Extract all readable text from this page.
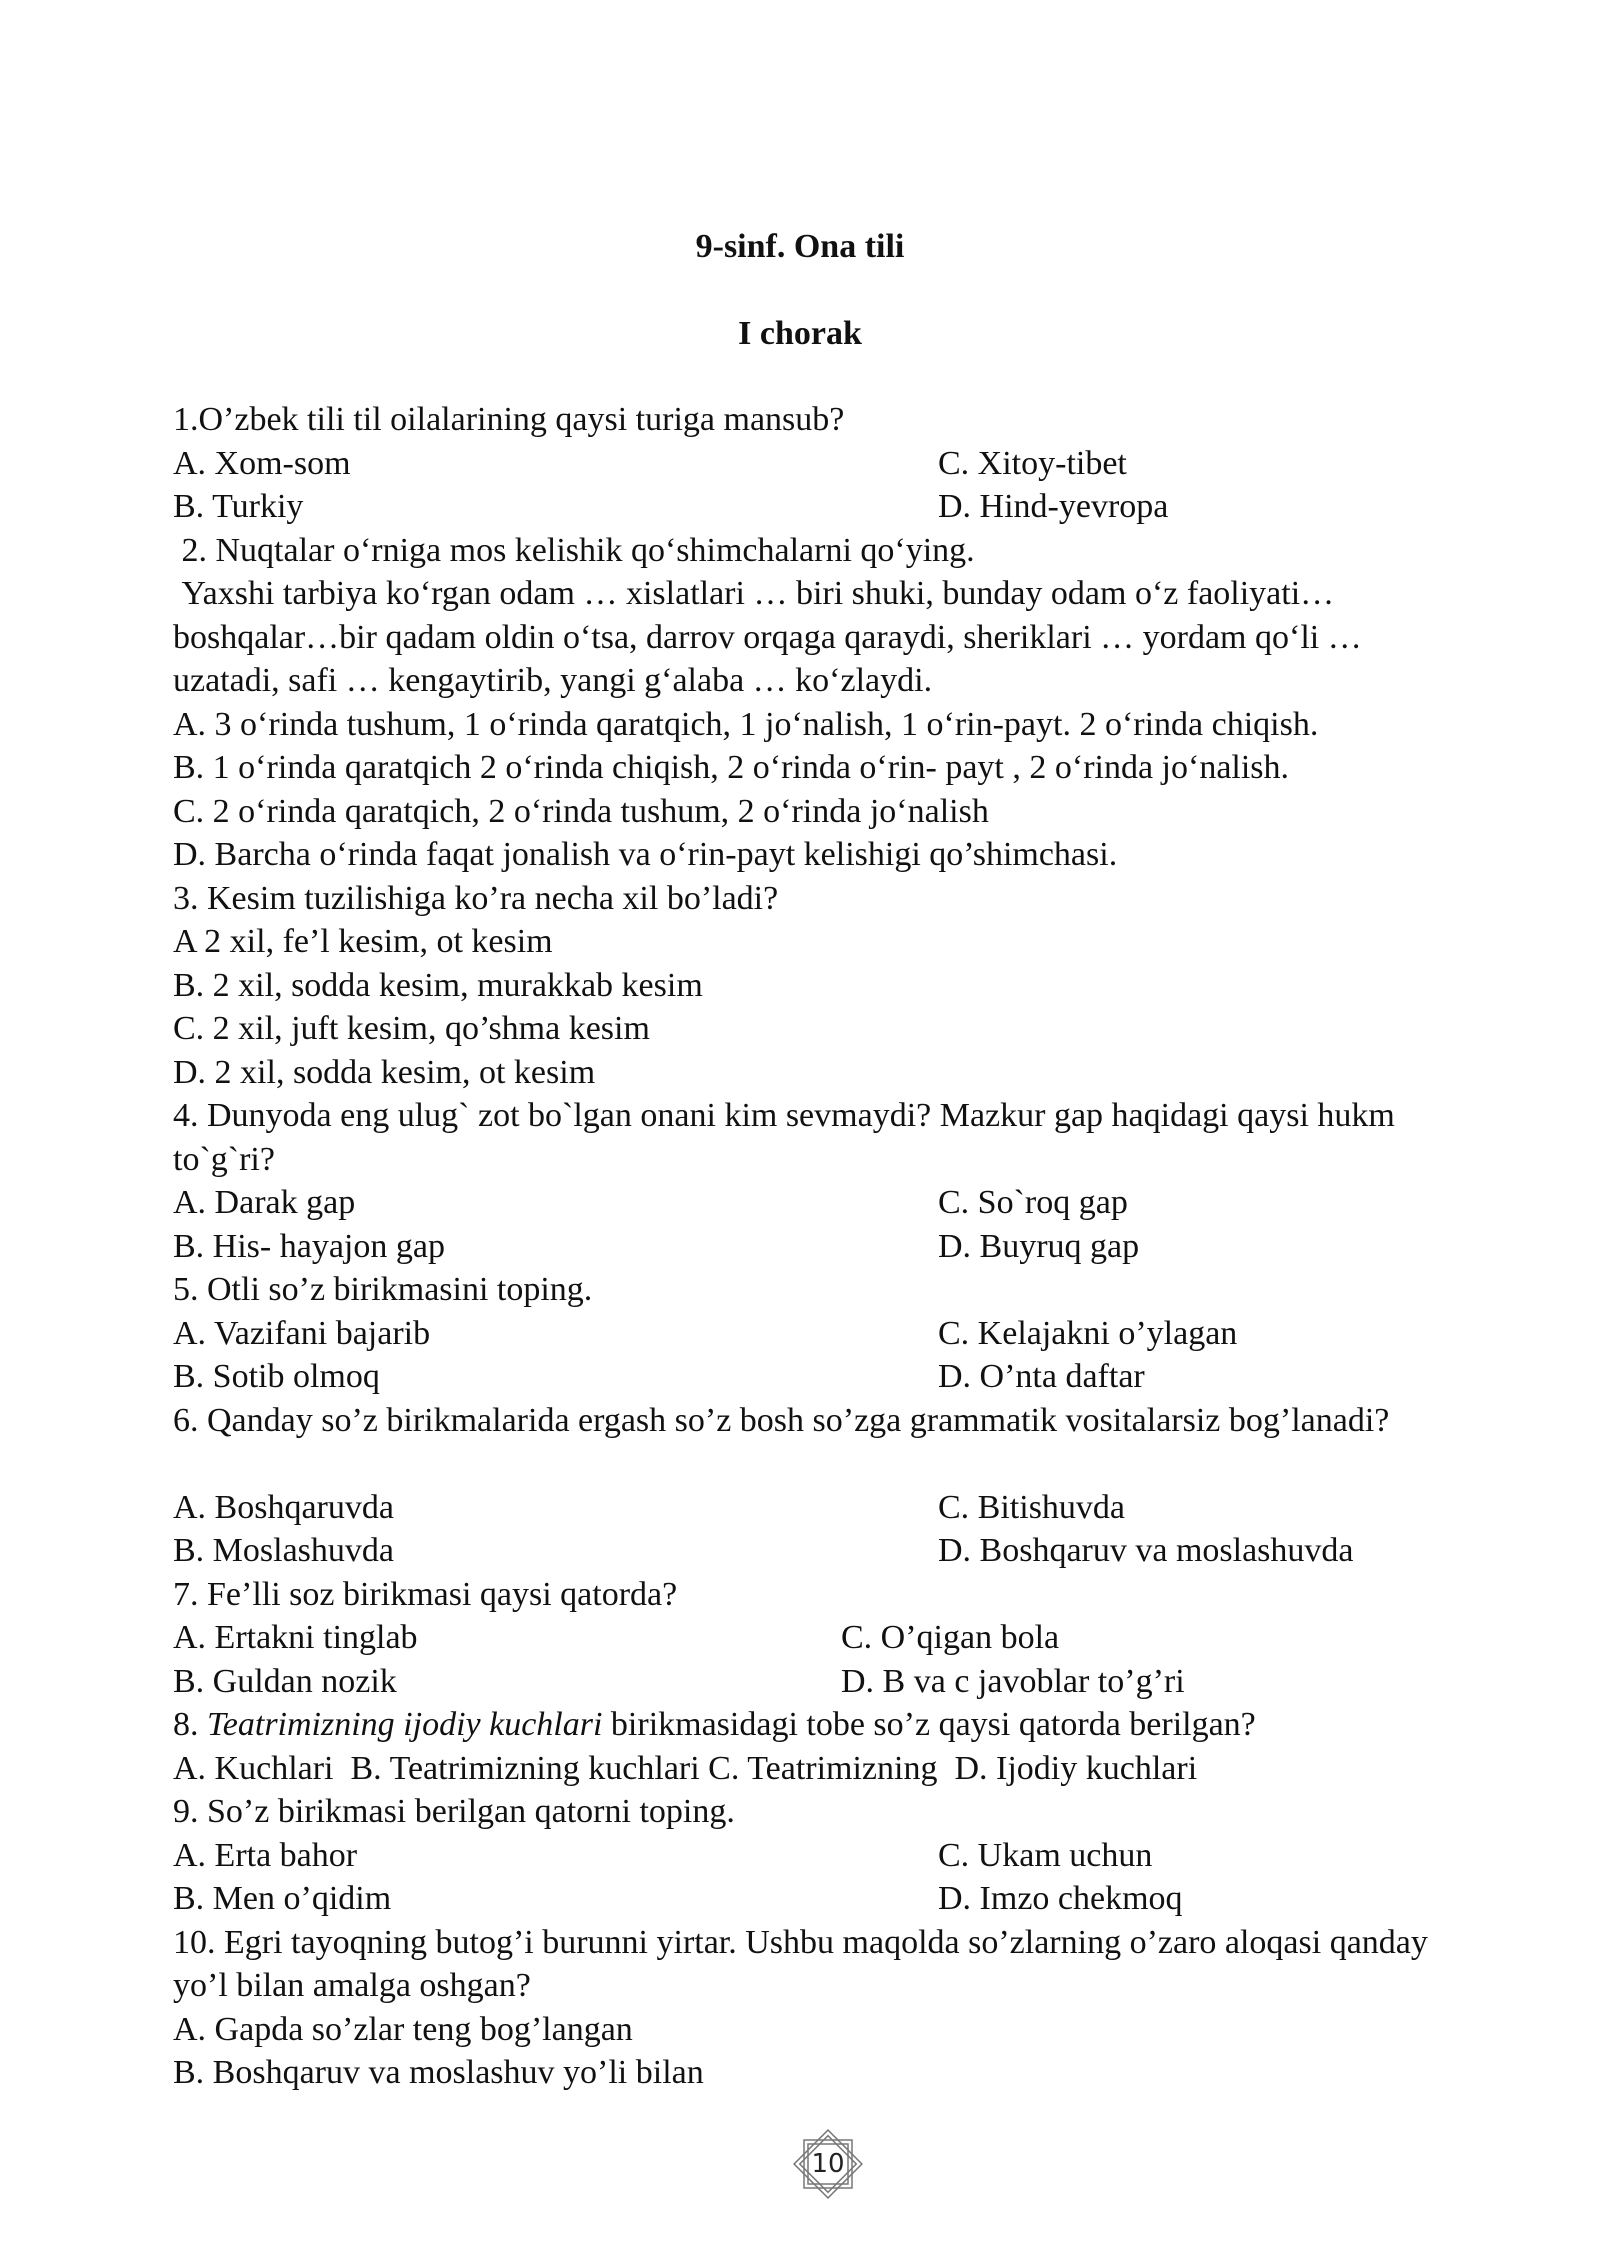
9-sinf. Ona tili
I chorak
1.O’zbek tili til oilalarining qaysi turiga mansub?
A. Xom-som	C. Xitoy-tibet
B. Turkiy	D. Hind-yevropa
2. Nuqtalar o‘rniga mos kelishik qo‘shimchalarni qo‘ying.
Yaxshi tarbiya ko‘rgan odam … xislatlari … biri shuki, bunday odam o‘z faoliyati… boshqalar…bir qadam oldin o‘tsa, darrov orqaga qaraydi, sheriklari … yordam qo‘li … uzatadi, safi … kengaytirib, yangi g‘alaba … ko‘zlaydi.
A. 3 o‘rinda tushum, 1 o‘rinda qaratqich, 1 jo‘nalish, 1 o‘rin-payt. 2 o‘rinda chiqish.
B. 1 o‘rinda qaratqich 2 o‘rinda chiqish, 2 o‘rinda o‘rin- payt , 2 o‘rinda jo‘nalish.
C. 2 o‘rinda qaratqich, 2 o‘rinda tushum, 2 o‘rinda jo‘nalish
D. Barcha o‘rinda faqat jonalish va o‘rin-payt kelishigi qo’shimchasi.
3. Kesim tuzilishiga ko’ra necha xil bo’ladi?
A 2 xil, fe’l kesim, ot kesim
B. 2 xil, sodda kesim, murakkab kesim
C. 2 xil, juft kesim, qo’shma kesim
D. 2 xil, sodda kesim, ot kesim
4. Dunyoda eng ulug` zot bo`lgan onani kim sevmaydi? Mazkur gap haqidagi qaysi hukm to`g`ri?
A. Darak gap	C. So`roq gap
B. His- hayajon gap	D. Buyruq gap
5. Otli so’z birikmasini toping.
A. Vazifani bajarib	C. Kelajakni o’ylagan
B. Sotib olmoq	D. O’nta daftar
6. Qanday so’z birikmalarida ergash so’z bosh so’zga grammatik vositalarsiz bog’lanadi?
A. Boshqaruvda	C. Bitishuvda
B. Moslashuvda	D. Boshqaruv va moslashuvda
7. Fe’lli soz birikmasi qaysi qatorda?
A. Ertakni tinglab	C. O’qigan bola
B. Guldan nozik	D. B va c javoblar to’g’ri
8. Teatrimizning ijodiy kuchlari birikmasidagi tobe so’z qaysi qatorda berilgan?
A. Kuchlari  B. Teatrimizning kuchlari C. Teatrimizning  D. Ijodiy kuchlari
9. So’z birikmasi berilgan qatorni toping.
A. Erta bahor	C. Ukam uchun
B. Men o’qidim	D. Imzo chekmoq
10. Egri tayoqning butog’i burunni yirtar. Ushbu maqolda so’zlarning o’zaro aloqasi qanday yo’l bilan amalga oshgan?
A. Gapda so’zlar teng bog’langan
B. Boshqaruv va moslashuv yo’li bilan
10
